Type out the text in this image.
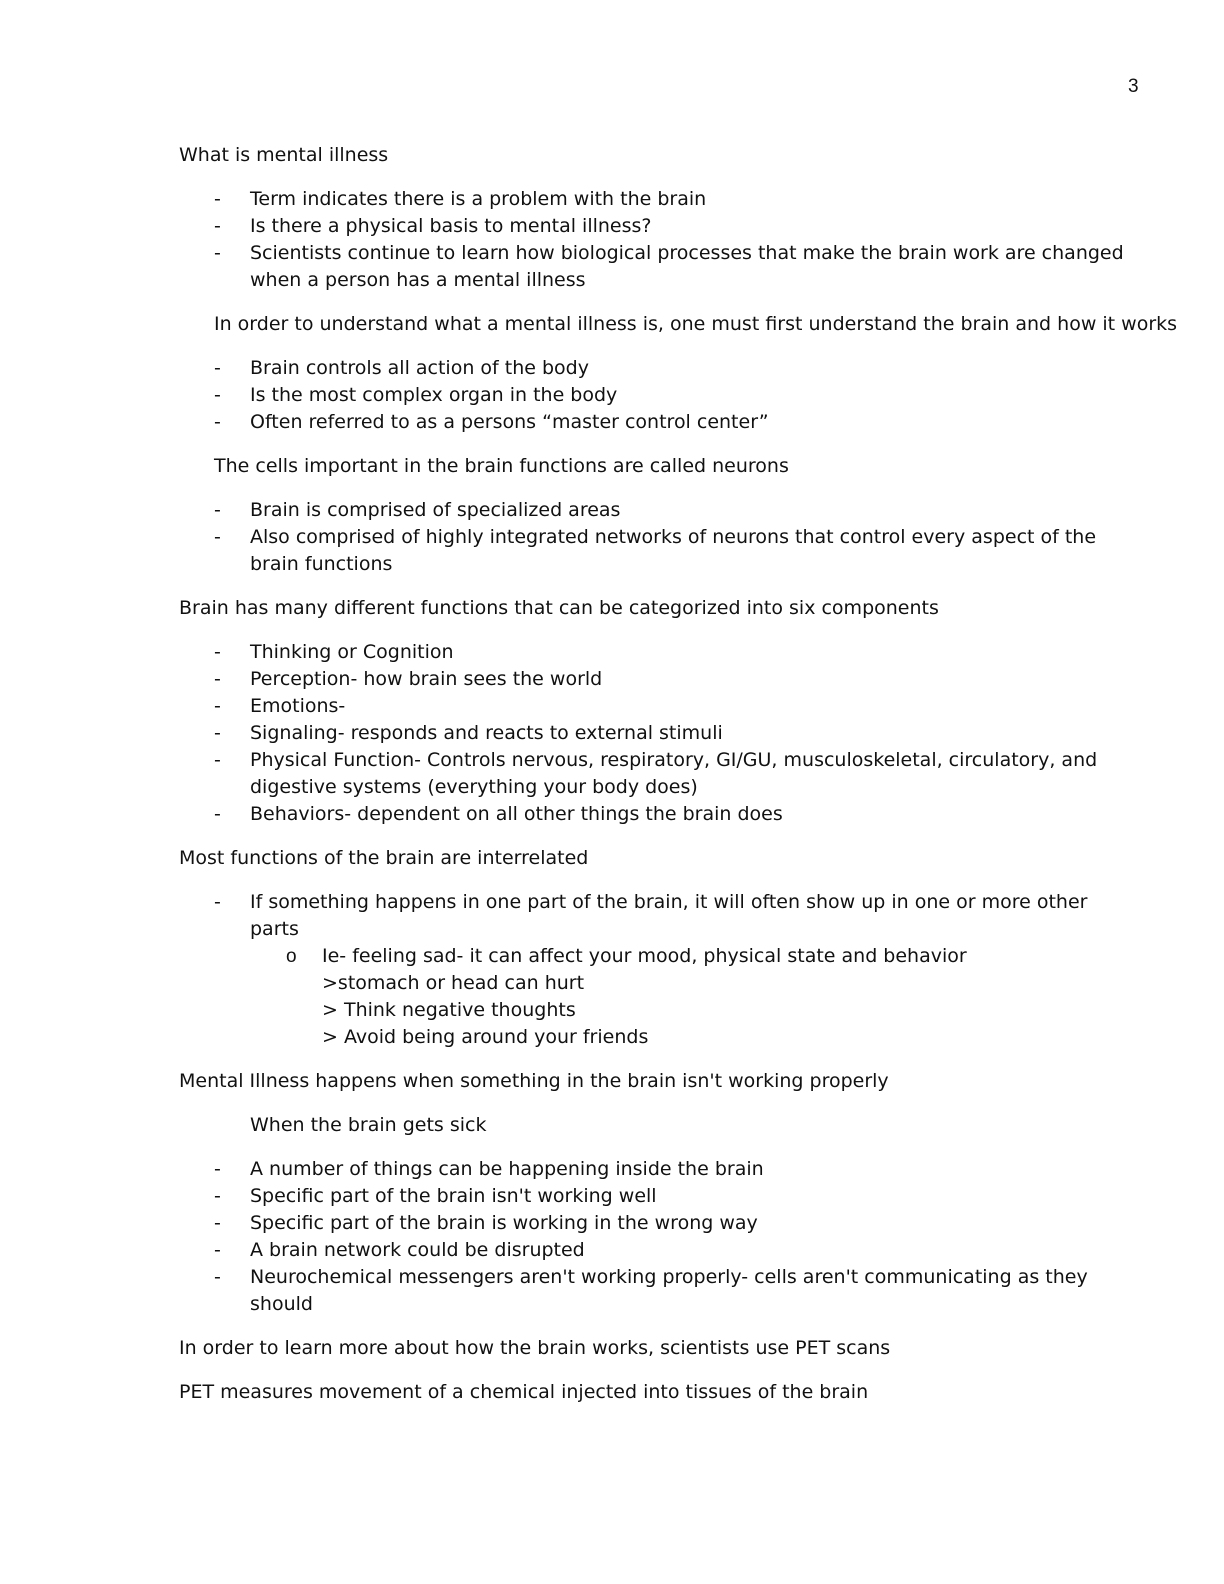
3

What is mental illness

- Term indicates there is a problem with the brain
- Is there a physical basis to mental illness?
- Scientists continue to learn how biological processes that make the brain work are changed when a person has a mental illness

In order to understand what a mental illness is, one must first understand the brain and how it works

- Brain controls all action of the body
- Is the most complex organ in the body
- Often referred to as a persons “master control center”

The cells important in the brain functions are called neurons

- Brain is comprised of specialized areas
- Also comprised of highly integrated networks of neurons that control every aspect of the brain functions

Brain has many different functions that can be categorized into six components

- Thinking or Cognition
- Perception- how brain sees the world
- Emotions-
- Signaling- responds and reacts to external stimuli
- Physical Function- Controls nervous, respiratory, GI/GU, musculoskeletal, circulatory, and digestive systems (everything your body does)
- Behaviors- dependent on all other things the brain does

Most functions of the brain are interrelated

- If something happens in one part of the brain, it will often show up in one or more other parts
o Ie- feeling sad- it can affect your mood, physical state and behavior
>stomach or head can hurt
> Think negative thoughts
> Avoid being around your friends

Mental Illness happens when something in the brain isn't working properly

When the brain gets sick

- A number of things can be happening inside the brain
- Specific part of the brain isn't working well
- Specific part of the brain is working in the wrong way
- A brain network could be disrupted
- Neurochemical messengers aren't working properly- cells aren't communicating as they should

In order to learn more about how the brain works, scientists use PET scans

PET measures movement of a chemical injected into tissues of the brain
